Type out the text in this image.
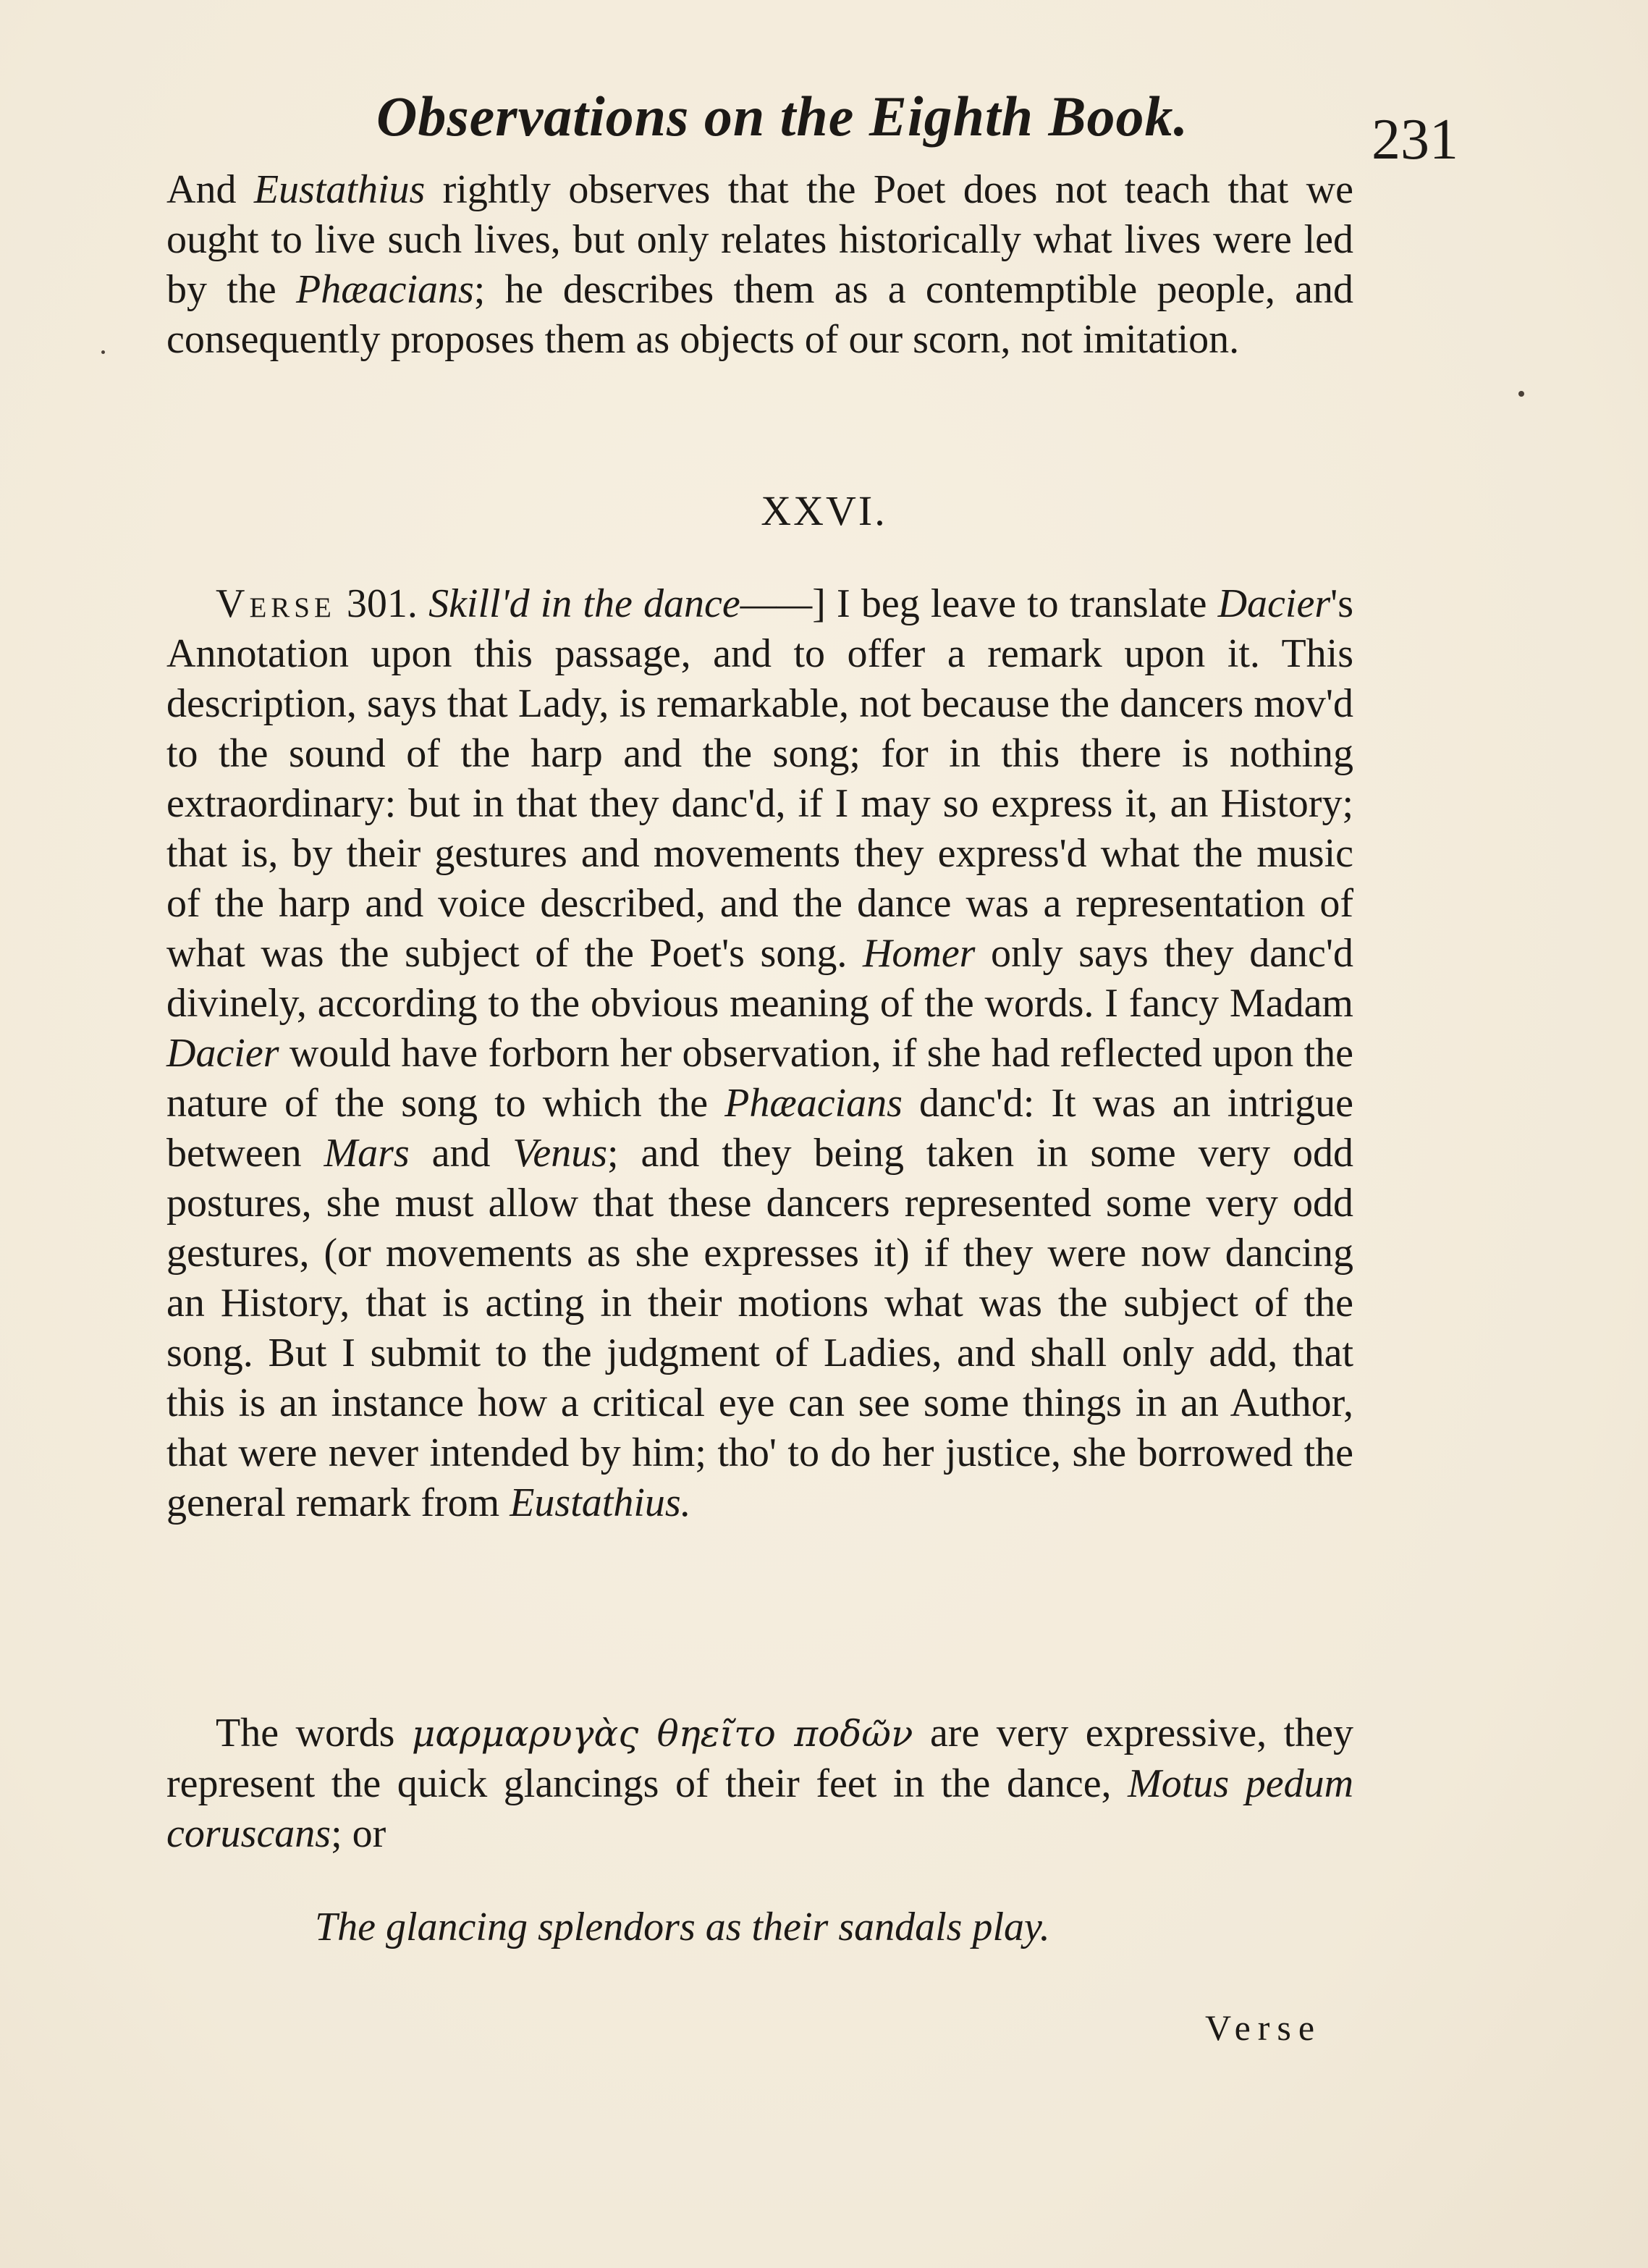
Observations on the Eighth Book.	231

And Eustathius rightly observes that the Poet does not teach that we ought to live such lives, but only relates historically what lives were led by the Phæacians; he describes them as a contemptible people, and consequently proposes them as objects of our scorn, not imitation.

XXVI.

Verse 301. Skill'd in the dance——] I beg leave to translate Dacier's Annotation upon this passage, and to offer a remark upon it. This description, says that Lady, is remarkable, not because the dancers mov'd to the sound of the harp and the song; for in this there is nothing extraordinary: but in that they danc'd, if I may so express it, an History; that is, by their gestures and movements they express'd what the music of the harp and voice described, and the dance was a representation of what was the subject of the Poet's song. Homer only says they danc'd divinely, according to the obvious meaning of the words. I fancy Madam Dacier would have forborn her observation, if she had reflected upon the nature of the song to which the Phæacians danc'd: It was an intrigue between Mars and Venus; and they being taken in some very odd postures, she must allow that these dancers represented some very odd gestures, (or movements as she expresses it) if they were now dancing an History, that is acting in their motions what was the subject of the song. But I submit to the judgment of Ladies, and shall only add, that this is an instance how a critical eye can see some things in an Author, that were never intended by him; tho' to do her justice, she borrowed the general remark from Eustathius.

The words μαρμαρυγὰς θηεῖτο ποδῶν are very expressive, they represent the quick glancings of their feet in the dance, Motus pedum coruscans; or

The glancing splendors as their sandals play.
Verse
